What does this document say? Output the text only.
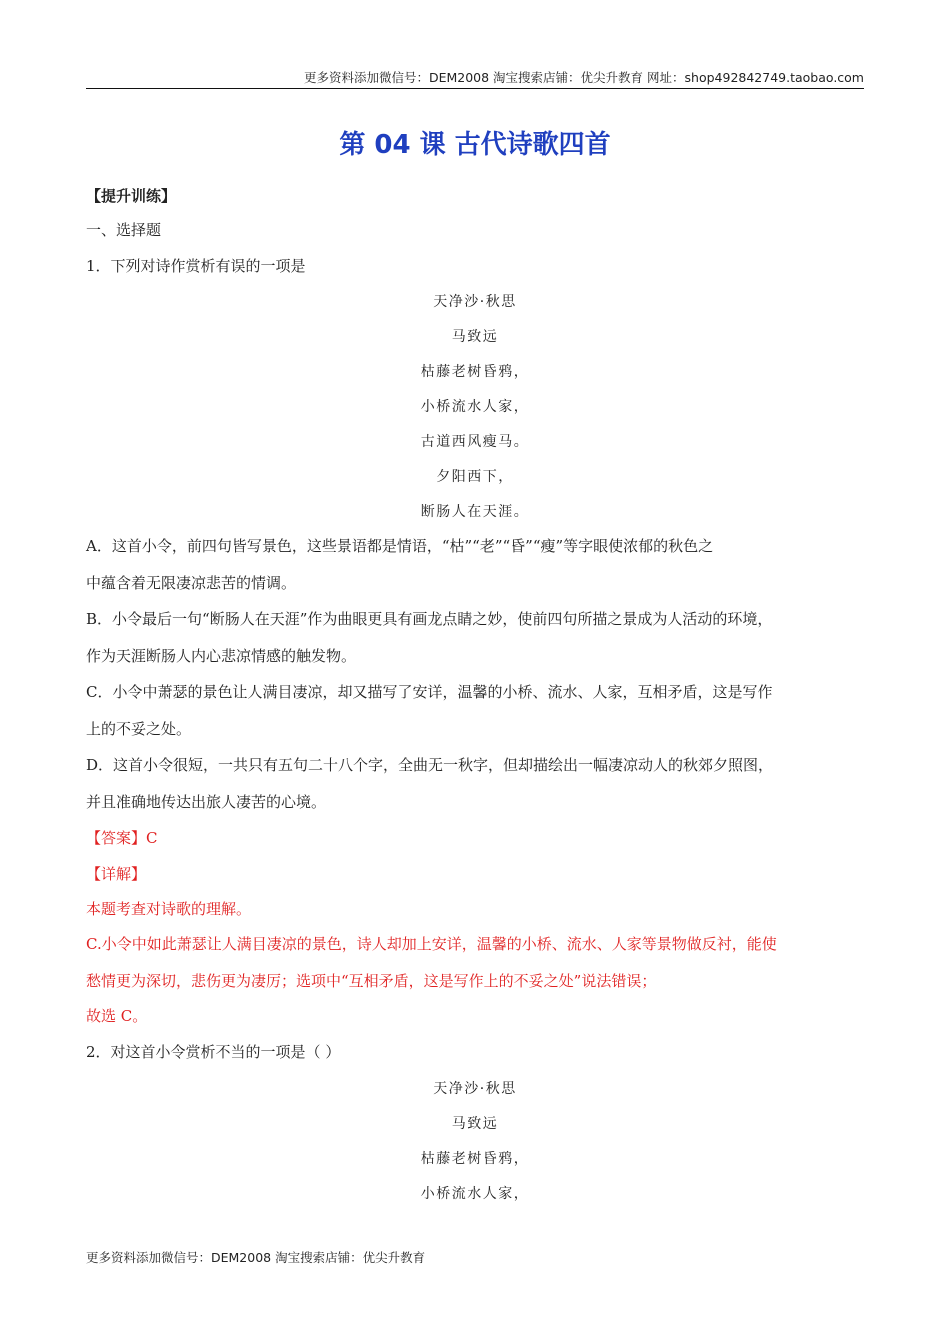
更多资料添加微信号：DEM2008 淘宝搜索店铺：优尖升教育 网址：shop492842749.taobao.com
第 04 课 古代诗歌四首
【提升训练】
一、选择题
1．下列对诗作赏析有误的一项是
天净沙·秋思
马致远
枯藤老树昏鸦，
小桥流水人家，
古道西风瘦马。
夕阳西下，
断肠人在天涯。
A．这首小令，前四句皆写景色，这些景语都是情语，“枯”“老”“昏”“瘦”等字眼使浓郁的秋色之
中蕴含着无限凄凉悲苦的情调。
B．小令最后一句“断肠人在天涯”作为曲眼更具有画龙点睛之妙，使前四句所描之景成为人活动的环境，
作为天涯断肠人内心悲凉情感的触发物。
C．小令中萧瑟的景色让人满目凄凉，却又描写了安详，温馨的小桥、流水、人家，互相矛盾，这是写作
上的不妥之处。
D．这首小令很短，一共只有五句二十八个字，全曲无一秋字，但却描绘出一幅凄凉动人的秋郊夕照图，
并且准确地传达出旅人凄苦的心境。
【答案】C
【详解】
本题考查对诗歌的理解。
C.小令中如此萧瑟让人满目凄凉的景色，诗人却加上安详，温馨的小桥、流水、人家等景物做反衬，能使
愁情更为深切，悲伤更为凄厉；选项中“互相矛盾，这是写作上的不妥之处”说法错误；
故选 C。
2．对这首小令赏析不当的一项是（ ）
天净沙·秋思
马致远
枯藤老树昏鸦，
小桥流水人家，
更多资料添加微信号：DEM2008 淘宝搜索店铺：优尖升教育
